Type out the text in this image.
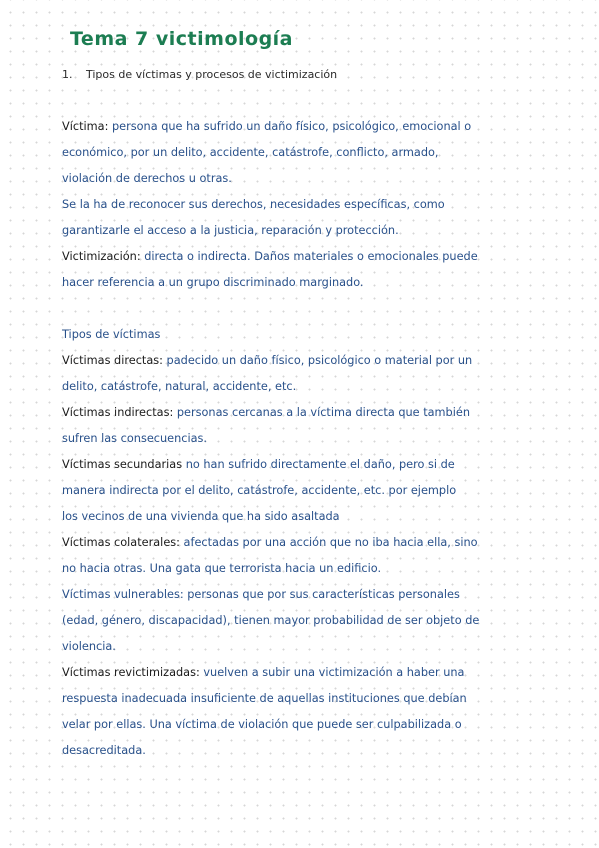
Tema 7 victimología
1. Tipos de víctimas y procesos de victimización
Víctima: persona que ha sufrido un daño físico, psicológico, emocional o
económico, por un delito, accidente, catástrofe, conflicto, armado,
violación de derechos u otras.
Se la ha de reconocer sus derechos, necesidades específicas, como
garantizarle el acceso a la justicia, reparación y protección.
Victimización: directa o indirecta. Daños materiales o emocionales puede
hacer referencia a un grupo discriminado marginado.
Tipos de víctimas
Víctimas directas: padecido un daño físico, psicológico o material por un
delito, catástrofe, natural, accidente, etc.
Víctimas indirectas: personas cercanas a la víctima directa que también
sufren las consecuencias.
Víctimas secundarias no han sufrido directamente el daño, pero si de
manera indirecta por el delito, catástrofe, accidente, etc. por ejemplo
los vecinos de una vivienda que ha sido asaltada
Víctimas colaterales: afectadas por una acción que no iba hacia ella, sino
no hacia otras. Una gata que terrorista hacia un edificio.
Víctimas vulnerables: personas que por sus características personales
(edad, género, discapacidad), tienen mayor probabilidad de ser objeto de
violencia.
Víctimas revictimizadas: vuelven a subir una victimización a haber una
respuesta inadecuada insuficiente de aquellas instituciones que debían
velar por ellas. Una víctima de violación que puede ser culpabilizada o
desacreditada.
